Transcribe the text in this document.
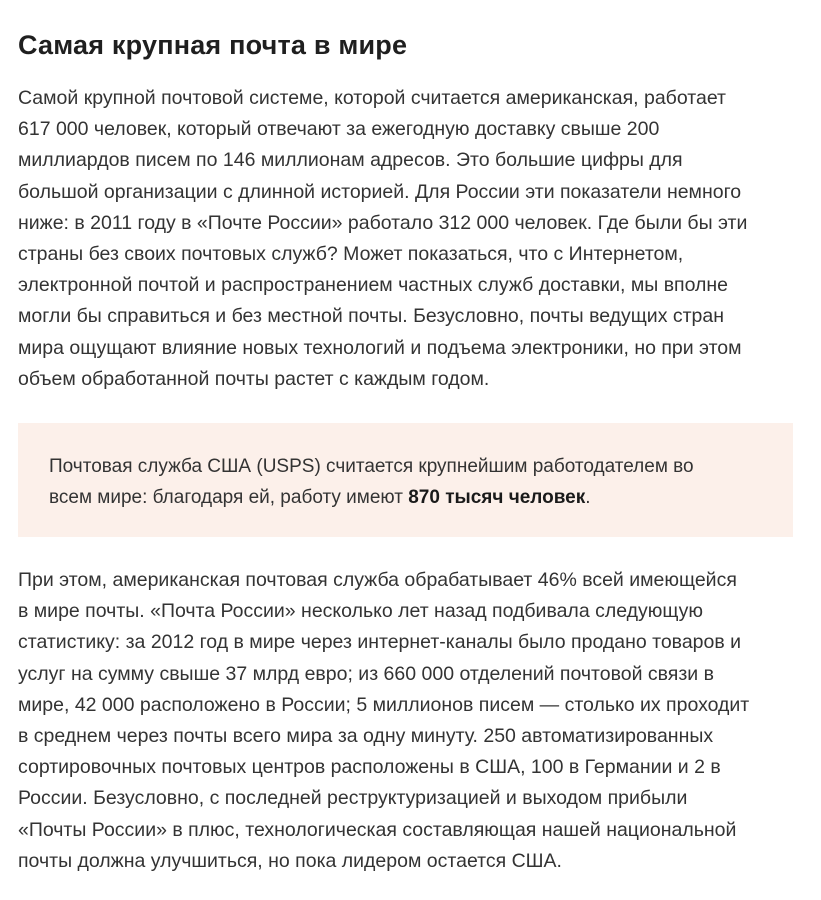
Самая крупная почта в мире

Самой крупной почтовой системе, которой считается американская, работает
617 000 человек, который отвечают за ежегодную доставку свыше 200
миллиардов писем по 146 миллионам адресов. Это большие цифры для
большой организации с длинной историей. Для России эти показатели немного
ниже: в 2011 году в «Почте России» работало 312 000 человек. Где были бы эти
страны без своих почтовых служб? Может показаться, что с Интернетом,
электронной почтой и распространением частных служб доставки, мы вполне
могли бы справиться и без местной почты. Безусловно, почты ведущих стран
мира ощущают влияние новых технологий и подъема электроники, но при этом
объем обработанной почты растет с каждым годом.

Почтовая служба США (USPS) считается крупнейшим работодателем во
всем мире: благодаря ей, работу имеют 870 тысяч человек.

При этом, американская почтовая служба обрабатывает 46% всей имеющейся
в мире почты. «Почта России» несколько лет назад подбивала следующую
статистику: за 2012 год в мире через интернет-каналы было продано товаров и
услуг на сумму свыше 37 млрд евро; из 660 000 отделений почтовой связи в
мире, 42 000 расположено в России; 5 миллионов писем — столько их проходит
в среднем через почты всего мира за одну минуту. 250 автоматизированных
сортировочных почтовых центров расположены в США, 100 в Германии и 2 в
России. Безусловно, с последней реструктуризацией и выходом прибыли
«Почты России» в плюс, технологическая составляющая нашей национальной
почты должна улучшиться, но пока лидером остается США.
